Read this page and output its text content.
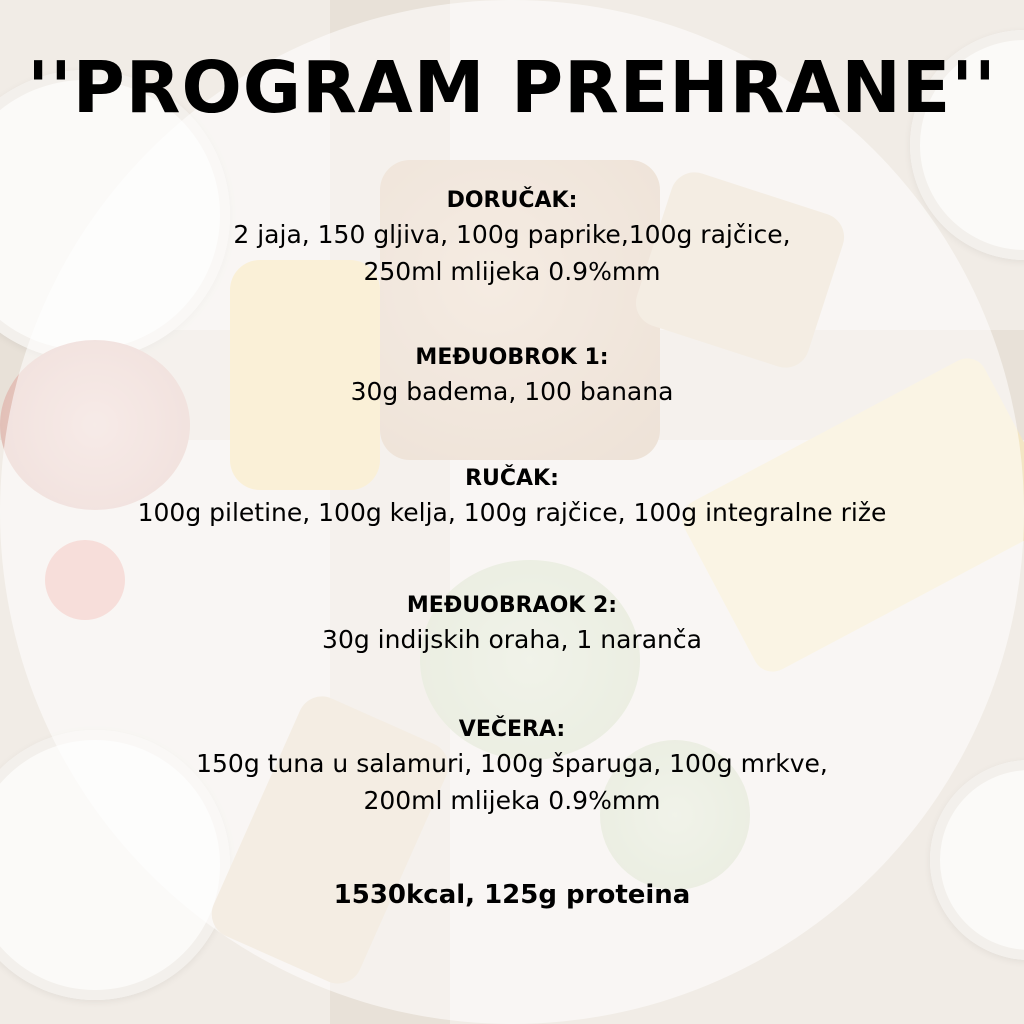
''PROGRAM PREHRANE''
DORUČAK:
2 jaja, 150 gljiva, 100g paprike,100g rajčice,
250ml mlijeka 0.9%mm
MEĐUOBROK 1:
30g badema, 100 banana
RUČAK:
100g piletine, 100g kelja, 100g rajčice, 100g integralne riže
MEĐUOBRAOK 2:
30g indijskih oraha, 1 naranča
VEČERA:
150g tuna u salamuri, 100g šparuga, 100g mrkve,
200ml mlijeka 0.9%mm
1530kcal, 125g proteina
